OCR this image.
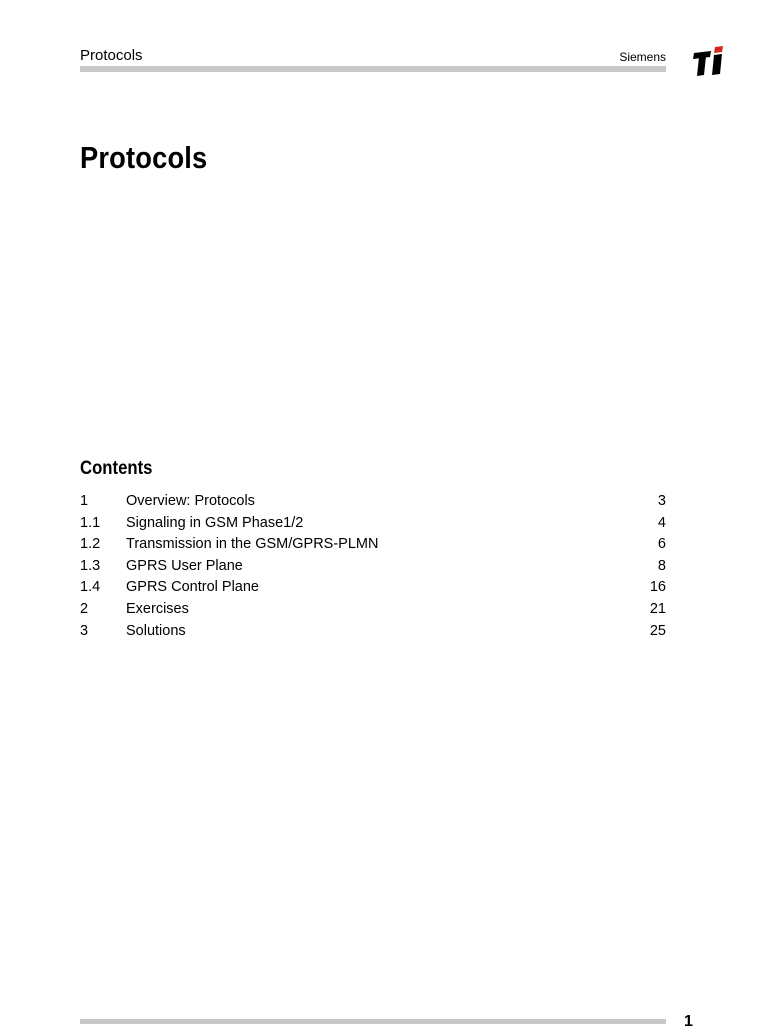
Protocols	Siemens
Protocols
Contents
1	Overview: Protocols	3
1.1 Signaling in GSM Phase1/2	4
1.2 Transmission in the GSM/GPRS-PLMN	6
1.3 GPRS User Plane	8
1.4 GPRS Control Plane	16
2	Exercises	21
3	Solutions	25
1
